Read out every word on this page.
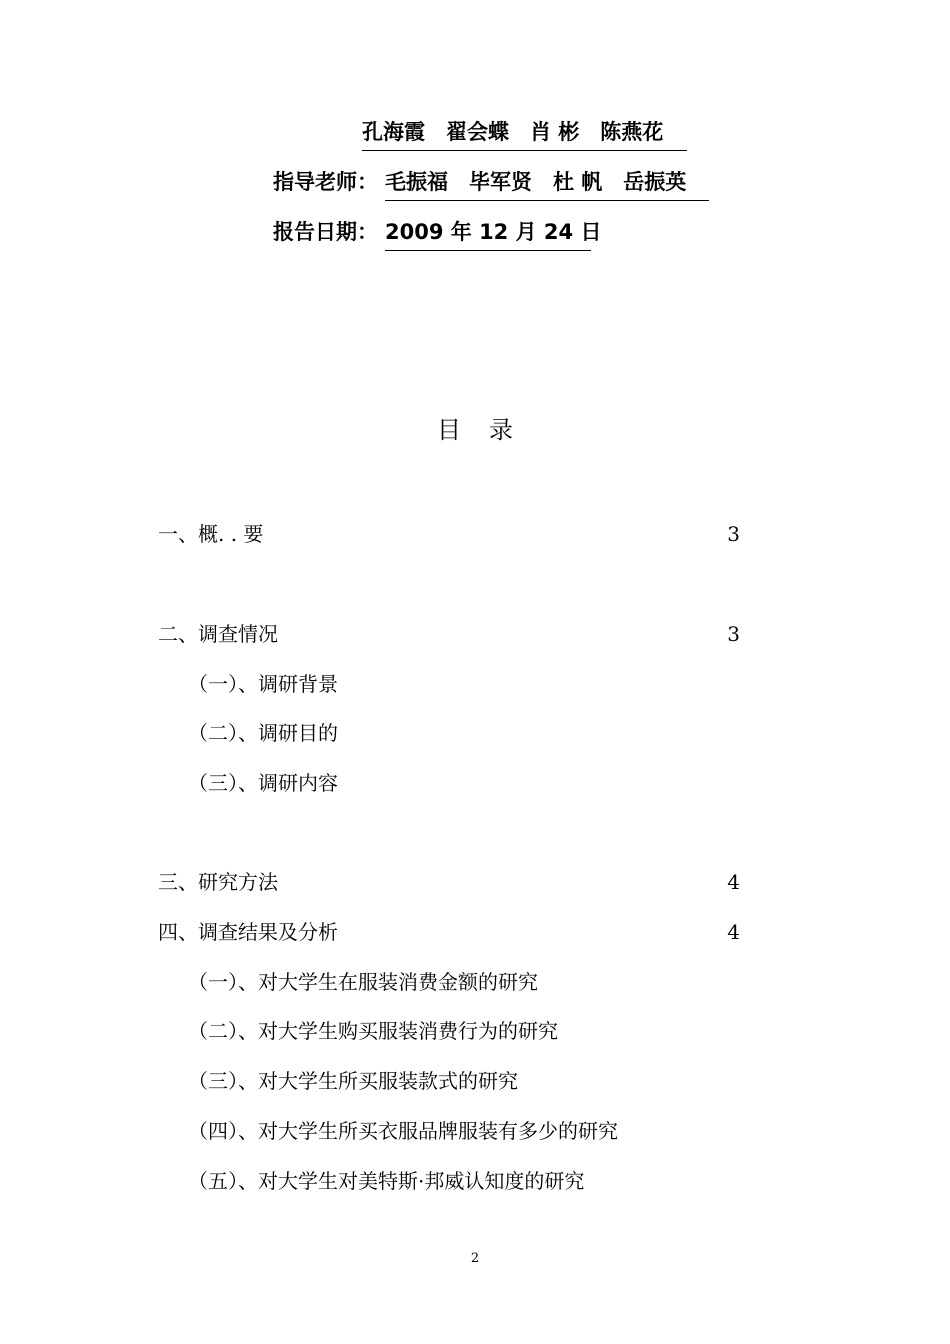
孔海霞　翟会蝶　肖 彬　陈燕花
指导老师： 毛振福　毕军贤　杜 帆　岳振英
报告日期： 2009 年 12 月 24 日
目录
一、概. . 要	3
二、调查情况	3
（一）、调研背景
（二）、调研目的
（三）、调研内容
三、研究方法	4
四、调查结果及分析	4
（一）、对大学生在服装消费金额的研究
（二）、对大学生购买服装消费行为的研究
（三）、对大学生所买服装款式的研究
（四）、对大学生所买衣服品牌服装有多少的研究
（五）、对大学生对美特斯·邦威认知度的研究
2
